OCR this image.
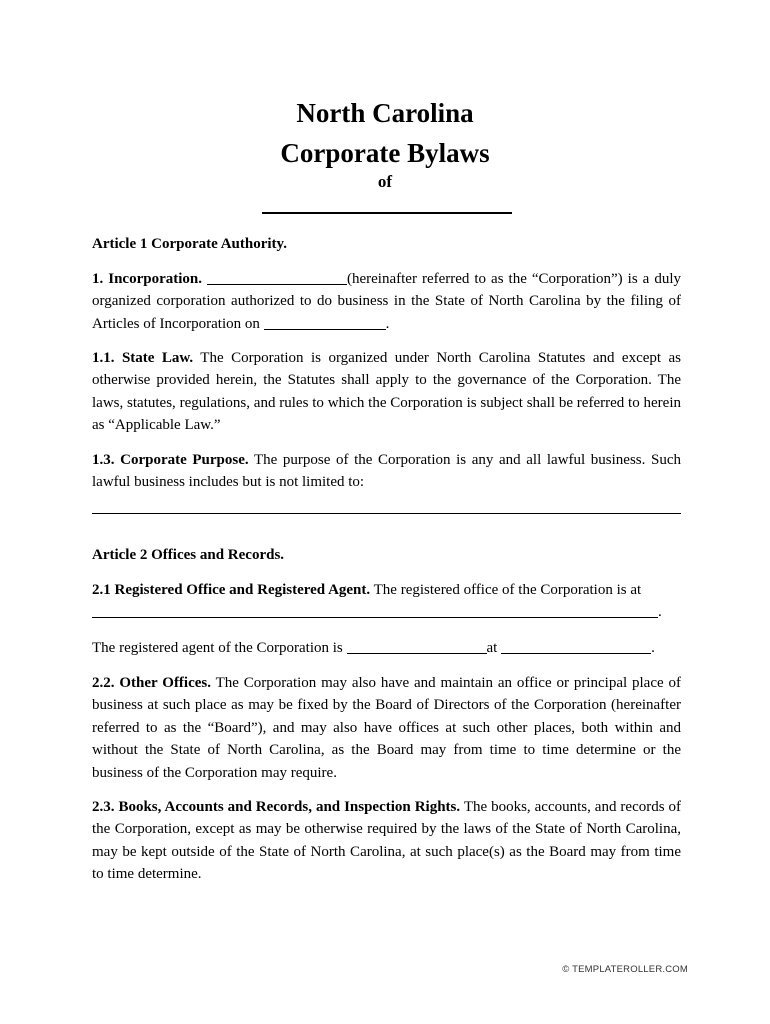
North Carolina
Corporate Bylaws
of

Article 1 Corporate Authority.

1. Incorporation.	(hereinafter referred to as the “Corporation”) is a duly organized corporation authorized to do business in the State of North Carolina by the filing of Articles of Incorporation on	.

1.1. State Law. The Corporation is organized under North Carolina Statutes and except as otherwise provided herein, the Statutes shall apply to the governance of the Corporation. The laws, statutes, regulations, and rules to which the Corporation is subject shall be referred to herein as “Applicable Law.”

1.3. Corporate Purpose. The purpose of the Corporation is any and all lawful business. Such lawful business includes but is not limited to:

Article 2 Offices and Records.

2.1 Registered Office and Registered Agent. The registered office of the Corporation is at .

The registered agent of the Corporation is	at	.

2.2. Other Offices. The Corporation may also have and maintain an office or principal place of business at such place as may be fixed by the Board of Directors of the Corporation (hereinafter referred to as the “Board”), and may also have offices at such other places, both within and without the State of North Carolina, as the Board may from time to time determine or the business of the Corporation may require.

2.3. Books, Accounts and Records, and Inspection Rights. The books, accounts, and records of the Corporation, except as may be otherwise required by the laws of the State of North Carolina, may be kept outside of the State of North Carolina, at such place(s) as the Board may from time to time determine.

© TEMPLATEROLLER.COM
